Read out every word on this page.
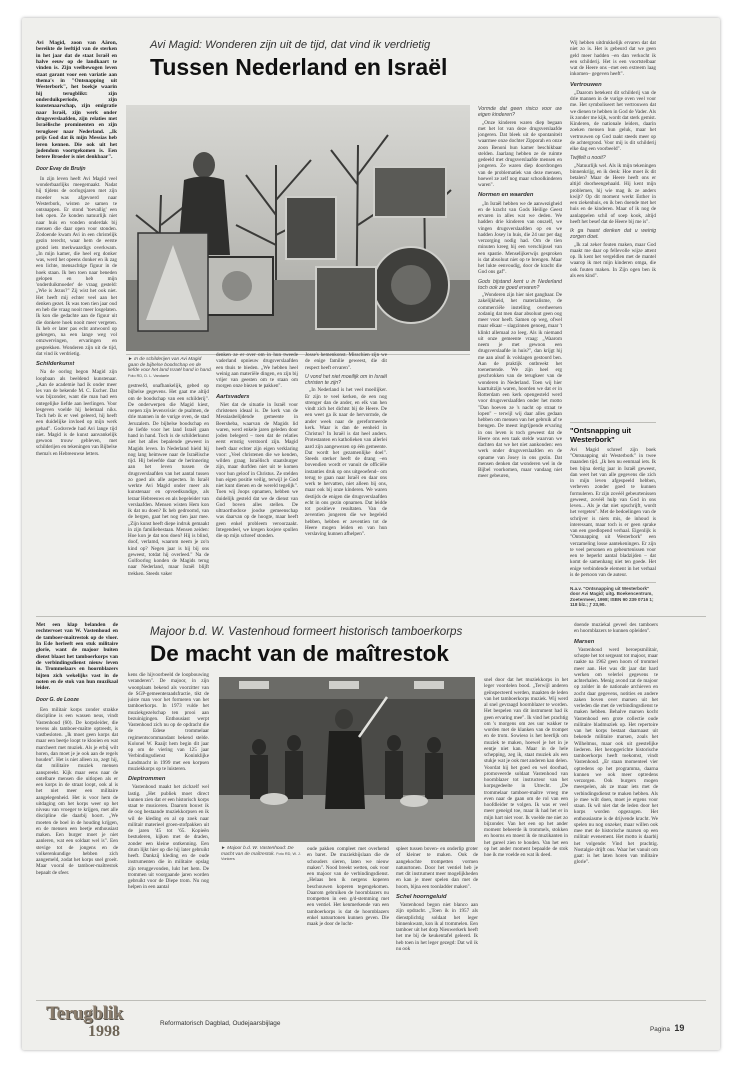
Avi Magid, zoon van Aäron, bereikte de leeftijd van de sterken in het jaar dat de staat Israël en halve eeuw op de landkaart te vinden is. Zijn veelbewogen leven staat garant voor een variatie aan thema's in "Ontsnapping uit Westerbork", het boekje waarin hij terugblikt: zijn onderduikperiode, zijn kunstenaarschap, zijn emigratie naar Israël, zijn werk onder drugsverslaafden, zijn relaties met Israëlische prominenten en zijn terugkeer naar Nederland. „Ik prijs God dat ik mijn Messias heb leren kennen. Die ook uit het jodendom voortgekomen is. Een betere Broeder is niet denkbaar".

Door Evay de Bruijn

In zijn leven heeft Avi Magid veel wonderbaarlijks meegemaakt. Nadat hij tijdens de oorlogsjaren met zijn moeder was afgevoerd naar Westerbork, wisten ze samen te ontsnappen. Er stond 'toevallig' een hek open. Ze konden natuurlijk niet naar huis en vonden onderdak bij mensen die daar open voor stonden. Zodoende kwam Avi in een christelijk gezin terecht, waar hem de eerste grond iets merkwaardigs overkwam. „In mijn kamer, die heel erg donker was, werd het opeens donker en ik zag een lichte, mensachtige figuur in de hoek staan. Ik ben toen naar beneden gelopen en heb mijn 'onderduikmoeder' de vraag gesteld: „Wie is Jezus?" Zij wist het ook niet. Het heeft mij echter veel aan het denken gezet. Ik was toen tien jaar oud en heb die vraag nooit meer losgelaten. Ik kon die gedachte aan de figuur uit die donkere hoek nooit meer vergeten. Ik heb er later pas echt antwoord op gekregen, na een lange weg vol omzwervingen, ervaringen en gesprekken. Wonderen zijn uit de tijd, dat vind ik verdrietig.

Schilderkunst

Na de oorlog begon Magid zijn loopbaan als beeldend kunstenaar. „Aan de academie had ik onder meer les van de bekende M. C. Escher. Dat was bijzonder, want die man had een ontegelijke liefde aan leerlingen. Voor lesgeven voelde hij helemaal niks. Toch heb ik er veel geleerd, hij heeft een duidelijke invloed op mijn werk gehad". Godsvrede had Avi lange tijd niet. Magid is de kunst aanvankelijk gewoon trouw gebleven, met schilderijen en tekeningen van Bijbelse thema's en Hebreeuwse letters.

Avi Magid: Wonderen zijn uit de tijd, dat vind ik verdrietig
Tussen Nederland en Israël
► In de schilderijen van Avi Magid gaan de bijbelse boodschap en de liefde voor het land Israël hand in hand. Foto RD, D. L. Vandaele

gestreefd, onafhankelijk, gebed op bijbelse gegevens. Het gaat me altijd om de boodschap van een schilderij". De onderwerpen die Magid kiest, roepen zijn levensvisie: de psalmen, de drie mannen in de vurige oven, de stad Jeruzalem. De bijbelse boodschap en de liefde voor het land Israël gaan hand in hand. Toch is de schilderkunst niet het alles bepalende geweest in Magids leven. In Nederland hield hij nog lang heimwee naar de Israëlische tijd. Hij beleefde daar de herinnering aan het leven tussen de drugsverslaafden van het aantal tussen zo goed als alle aspecten. In Israël werkte Avi Magid onder meer als kunstenaar en opvoedkundige, als leraar Hebreeuws en als begeleider van verslaafden. Mensen wisten Hem kon ik dat nu doen? Ik heb gedroomd, van de bergen, gaat het nog tien jaar mee. „Zijn kunst heeft diepe indruk gemaakt in zijn familiebestaan. Mensen zeiden: Hoe kon je dat nou doen? Hij is blind, doof, verlamd, waarom neem je zo'n kind op? Negen jaar is hij bij ons geweest, totdat hij overleed." Na de Golfoorlog konden de Magids terug naar Nederland, maar Israël blijft trekken. Steeds vaker

denken ze er over om in hun tweede vaderland opnieuw drugsverslaafden een thuis te bieden. „We hebben heel weinig aan materiële dingen, en zijn bij vrijer van geesten om te staan om morgen onze biezen te pakken".

Aartsvaders

Niet dat de situatie in Israël voor christenen ideaal is. De kerk van de Messiasbelijdende gemeente in Beersheba, waarvan de Magids lid waren, werd enkele jaren geleden door joden belegerd – toen dat de relaties eerst ernstig verstoord zijn. Magid heeft daar echter zijn eigen verklaring voor: „Veel christenen die we kenden, wilden graag Israëlisch staatsburger zijn, maar durfden niet uit te komen voor hun geloof in Christus. Ze stelden hun eigen positie veilig, terwijl je God niet kunt dienen en de wereld tegelijk". Toen wij Joops opnamen, hebben we duidelijk gesteld dat we de dienst van God boven alles stellen. De ultraorthodoxe joodse gemeenschap was daarvan op de hoogte, maar heeft geen enkel probleem veroorzaakt. Integendeel, we kregen kosjere spullen die op mijn schreef stonden.

Josse's hemenkonst. Misschien zijn we de enige familie geweest, die dit respect heeft ervaren".

U vond het niet moeilijk om in Israël christen te zijn?

„In Nederland is het veel moeilijker. Er zijn te veel kerken, de een nog strenger dan de ander, en elk van hen vindt zich het dichtst bij de Heere. De een weet ga ik naar de hervormde, de ander week naar de gereformeerde kerk. Waar is dan de eenheid in Christus? In Israël is dat heel anders. Protestanten en katholieken van allerlei aard zijn aangewezen op één gemeente. Dat wordt het gezamenlijke doel". Steeds sterker heeft de drang –en bovendien wordt er vanuit de officiële instanties druk op ons uitgeoefend– om terug te gaan naar Israël en daar ons werk te hervatten, niet alleen bij ons, maar ook bij onze kinderen. We waren destijds de enigen die drugsverslaafden echt in ons gezin opnamen. Dat leidde tot positieve resultaten. Van de zeventien jongeren die we begeleid hebben, hebben er zeventien tot de Heere mogen leiden en van hun verslaving kunnen afhelpen".

Vormde dat geen risico voor uw eigen kinderen?

„Onze kinderen waren diep begaan met het lot van deze drugsverslaafde jongeren. Dat bleek uit de spontaniteit waarmee onze dochter Zipporah en onze zoon Benoni hun kamer beschikbaar stelden. Jaarlang hebben ze de ruimte gedeeld met drugsverslaafde mensen en jongeren. Ze waren diep doordrongen van de problematiek van deze mensen, hoewel ze zelf nog maar schoolkinderen waren".

Normen en waarden

„In Israël hebben we de aanwezigheid en de kracht van Gods Heilige Geest ervaren in alles wat we deden. We hadden drie kinderen van onszelf, we vingen drugsverslaafden op en we hadden Josey in huis, die 24 uur per dag verzorging nodig had. Om de tien minuten kreeg hij een verschijnsel van een spastie. Menselijkerwijs gesproken is dat absoluut niet op te brengen. Maar het lukte eenvoudig, door de kracht die God ons gaf".

Gods bijstand kent u in Nederland toch ook ze goed ervaren?

„Wonderen zijn hier niet gangbaar. De zakelijkheid, het materialisme, de commerciële instelling overheersen zodanig dat men daar absoluut geen oog meer voor heeft. Samen op weg, ofwel maar elkaar – slagzinnen genoeg, maar 't klinkt allemaal zo leeg. Als ik niemand uit onze gemeente vraag: „Waarom neem je met gewoon een drugsverslaafde in huis?", dan krijgt hij me aan alsof ik volslagen gestoord ben. Aan de praktijk ontbreekt het toenemende. We zijn heel erg geschrokken van de terugkeer van de wonderen in Nederland. Toen wij hier kaartuitzijn waren, hoorden we dat er in Rotterdam een kerk opengesteld werd voor drugsverslaafden onder het motto "Dan hoeven ze 's nacht op straat te lopen" – terwijl wij daar alles gedaan hebben om mensen van het gebruik af te brengen. De meest ingrijpende ervaring in ons leven is toch geweest dat de Heere ons een taak stelde waarvan we dachten dat we het niet aankonden: een werk onder drugsverslaafden en de opname van Josey in ons gezin. Dat mensen denken dat wonderen wel in de Bijbel voorkomen, maar vandaag niet meer gebeuren,

Wij hebben uitdrukkelijk ervaren dat dat niet zo is. Het is gebeurd dat we geen geld meer hadden –en dan verkocht ik een schilderij. Het is een voortstelbaar wat de Heere ons –met een extreem laag inkomen– gegeven heeft".

Vertrouwen

„Daarom betekent dit schilderij van de drie mannen in de vurige oven veel voor me. Het symboliseert het vertrouwen dat we dienen te hebben in God de Vader. Als ik zonder me kijk, wordt dat sterk gemist. Kinderen, de nationale leiders, daarin zoeken mensen hun geluk, maar het vertrouwen op God raakt steeds meer op de achtergrond. Voor mij is dit schilderij elke dag een voorbeeld".

Twijfelt u nooit?

„Natuurlijk wel. Als ik mijn tekeningen binnenkrijg, en ik denk: Hoe moet ik dit betalen? Maar de Heere heeft ons er altijd doorheengehaald. Hij kent mijn problemen, hij wie mag ik ze anders kwijt? Op dit moment werkt Esther in een ziekenhuis, en ik ben doende met het huis en de kinderen. Maar of ik nog de aanlappelen schil of soep kook, altijd heeft het besef dat de Heere bij me is".

Ik ga haast denken dat u weinig zorgen doet.

„Ik zal zeker fouten maken, maar God maakt me daar op fellevolle wijze attent op. Ik kent het vergeldlen met de mantel waarop ik met mijn kinderen omga, die ook fouten maken. In Zijn ogen ben ik als een kind".

"Ontsnapping uit Westerbork"

Avi Magid schreef zijn boek "Ontsnapping uit Westerbork" in twee maanden tijd. „Ik ben nu eenmaal iets. Ik ben bijna dertig jaar in Israël geweest, dan weet het van alle gegevens die zich in mijn leven afgespeeld hebben, verbeven zonder goed te kunnen formuleren. Er zijn zovéél gebeurtenissen geweest, zovéél hulp van God in ons leven... Als je dat niet opschrijft, wordt het vergeten". Met de bedoelingen van de schrijver is niets mis, de inhoud is interessant, maar toch is er geen sprake van een goedlopend verhaal. Eigenlijk is "Ontsnapping uit Westerbork" een verzameling losse aantekeningen. Er zijn te veel personen en gebeurtenissen voor een te beperkt aantal bladzijden – dat komt de samenhang niet ten goede. Het enige verbindende element in het verhaal is de persoon van de auteur.

N.a.v. "Ontsnapping uit Westerbork" door Avi Magid; uitg. Boekencentrum, Zoetermeer, 1998; ISBN 90 239 0716 1; 118 blz.; ƒ 23,90.

Met een klap belanden de rechtervoet van W. Vastenhoud en de tamboer-maîtrestok op de vloer. In Ede herleeft een stuk militaire glorie, want de majoor buiten dienst blaast het tamboerkorps van de verbindingsdienst nieuw leven in. Trommelaars en hoornblazers bijten zich wekelijks vast in de noten en de stok van hun muzikaal leider.

Door G. de Looze

Een militair korps zonder strakke discipline is een wassen neus, vindt Vastenhoud (60). De korpsleider, die tevens als tamboer-maître optreedt, is vastbesloten. „Ik moet geen korps dat maar een beetje loopt te klooien en wat marcheert met muziek. Als je erbij wilt horen, dan moet je je ook aan de regels houden". Het is niet alleen zo, zegt hij, dat militaire muziek mensen aanspreekt. Kijk maar eens naar de ontelbare mensen die uitlopen als er een korps in de straat loopt, ook al is het niet meer een militaire aangelegenheid. Het is voor hem de uitdaging om het korps weer op het niveau van vroeger te krijgen, met alle discipline die daarbij hoort. „We moeten de boel in de houding krijgen, en de mensen een beetje enthousiast maken. Een burger moet je niet aanleren, wat een soldaat wel is". Een stevige tot de jongens en de volkerenkundige hebben zich aangemeld, zodat het korps snel groeit. Maar vooral de tamboer-maîtrestok bepaalt de sfeer.

Majoor b.d. W. Vastenhoud formeert historisch tamboerkorps
De macht van de maîtrestok

kens die hijvoorbeeld de loopbouwing veranderen". De majoor, in zijn woonplaats bekend als voorzitter van de SGP-gemeenteraadsfractie, tikt de juiste man voor het formeren van het tamboerkorps. In 1973 vulde het muziekgezelschap ten prooi aan bezuinigingen. Enthousiast werpt Vastenhoud zich nu op de opdracht die de Edese trommelaar regimentscommandant bekend stelde. Kolonel W. Raaijt hem begin dit jaar op om de viering van 125 jaar Verbindingsdienst Koninklijke Landmacht in 1999 met een korpsen muziekkorps op te luisteren.

Dieptrommen

Vastenhoud maakt het zichzelf wel lastig. „Het publiek moet direct kunnen zien dat er een historisch korps staat te musiceren. Daarom bouwt ik de oog bestaande muziekkorpsen en ik wil de kleding en al op zoek naar militair materieel groen-stofpakken uit de jaren '45 tot '65. Kopieën bestuderen, kijken met de draden, zonder een kleine ontkenning. Een drum lijkt hier op die hij later gebruikt heeft. Dankzij kleding en de oude instrumenten die in militaire opslag zijn teruggevonden, lukt het hem. De trommen uit voorgaande jaren worden gebruikt voor de Diepe trom. Nu nog helpen in een aantal

► Majoor b.d. W. Vastenhoud: De macht van de maîtrestok. Foto RD, W. J. Vonkers

oude pakken compleet met overhemd en baret. De muziekbijslaan die de schouders sieren, laten we nieuw maken". Nood breekt wetten, ook voor een majoor van de verbindingsdienst. „Helaas ben ik nergens koperen beschouwen koperen tegengekomen. Daarom gebruiken de hoornblazers nu trompetten in een g/d-stemming met een ventiel. Het kenmerkende van een tamboerkorps is dat de hoornblazers enkel natuurtonen kunnen geven. Die maak je door de lucht-

spleet tussen boven- en onderlip groter of kleiner te maken. Ook de aangekochte trompetten vormen natuurtonen. Door het ventiel heb je met dit instrument meer mogelijkheden en kan je meer spelen dan met de hoorn, bijna een toonladder maken".

Schel hoorngeluid

Vastenhoud begon niet blanco aan zijn opdracht. „Toen ik in 1957 als dienstplichtig soldaat het leger binnenkwam, kon ik al trommelen. Een tamboer uit het dorp Nieuwerkerk heeft het me bij de keukentafel geleerd. Ik heb toen in het leger gezegd: Dat wil ik nu ook

snel door dat het muziekkorps in het leger voordelen bood. „Terwijl anderen geïnspecteerd werden, maakten de leden van het tamboerkorps muziek. Wij werd al snel gevraagd hoornblazer te worden. Het bespelen van dit instrument had ik geen ervaring mee". Ik vind het prachtig om 's morgens om zes uur wakker te worden met de klanken van de trompet en de trom. Sowieso is het heerlijk om muziek te maken, hoewel je het in je eentje niet kan. Maar in de hele schepping, zeg ik, staat muziek als een stukje wat je ook met anderen kan delen. Voordat hij het goed en wel doorhad, promoveerde soldaat Vastenhoud van hoornblazer tot instructeur van het korpsgedeelte in Utrecht. „De trommelaar tamboer-maître vroeg me even naar de gaan om de rol van een hoofdleider te volgen. Ik was er veel meer geneigd toe, maar ik had het er in mijn hart niet voor. Ik voelde me niet zo bijzonder. Van het een op het ander moment beheerde ik trommels, stokken en hoorns en moest ik de muzikanten in het gareel zien te houden. Van het een op het ander moment bepaalde de stok hoe ik me voelde en wat ik deed.

doende muziekal geveel des tamboers en hoornblazers te kunnen opleiden".

Marsen

Vastenhoud werd beroepsmilitair, schopte het tot sergeant tot majoor, maar raakte na 1962 geen hoorn of trommel meer aan. Het was dit jaar dat hard werken om velerlei gegevens te achterhalen. Menig avond zat de majoor op zolder in de nationale archieven en zocht daar gegevens, notities en andere zaken boven over marsen uit het verleden die met de verbindingsdienst te maken hebben. Behalve marsen kocht Vastenhoud een grote collectie oude militaire bladmuziek op. Het repertoire van het korps bestaat daarnaast uit bekende militaire marsen, zoals het Wilhelmus, maar ook uit geestelijke liederen. Het heropgerichte historische tamboerkorps heeft toekomst, vindt Vastenhoud. „Er staan momenteel vier optredens op het programma, daarna kunnen we ook meer optredens verzorgen. Ook burgers mogen meespelen, als ze maar iets met de verbindingsdienst te maken hebben. Als je mee wilt doen, moet je ergens voor staan. Ik wil niet dat de leden door het korps worden opgezogen. Het enthousiasme is de drijvende kracht. We spelen nu nog onzeker, maar willen ook mee met de historische marsen op een militair evenement. Het motto is daarbij het volgende: Vind het prachtig. Nostalgie drijft ons. Waar het vanuit om gaat: is het laten horen van militaire glorie".

Terugblik
1998	Reformatorisch Dagblad, Oudejaarsbijlage
Pagina 19
